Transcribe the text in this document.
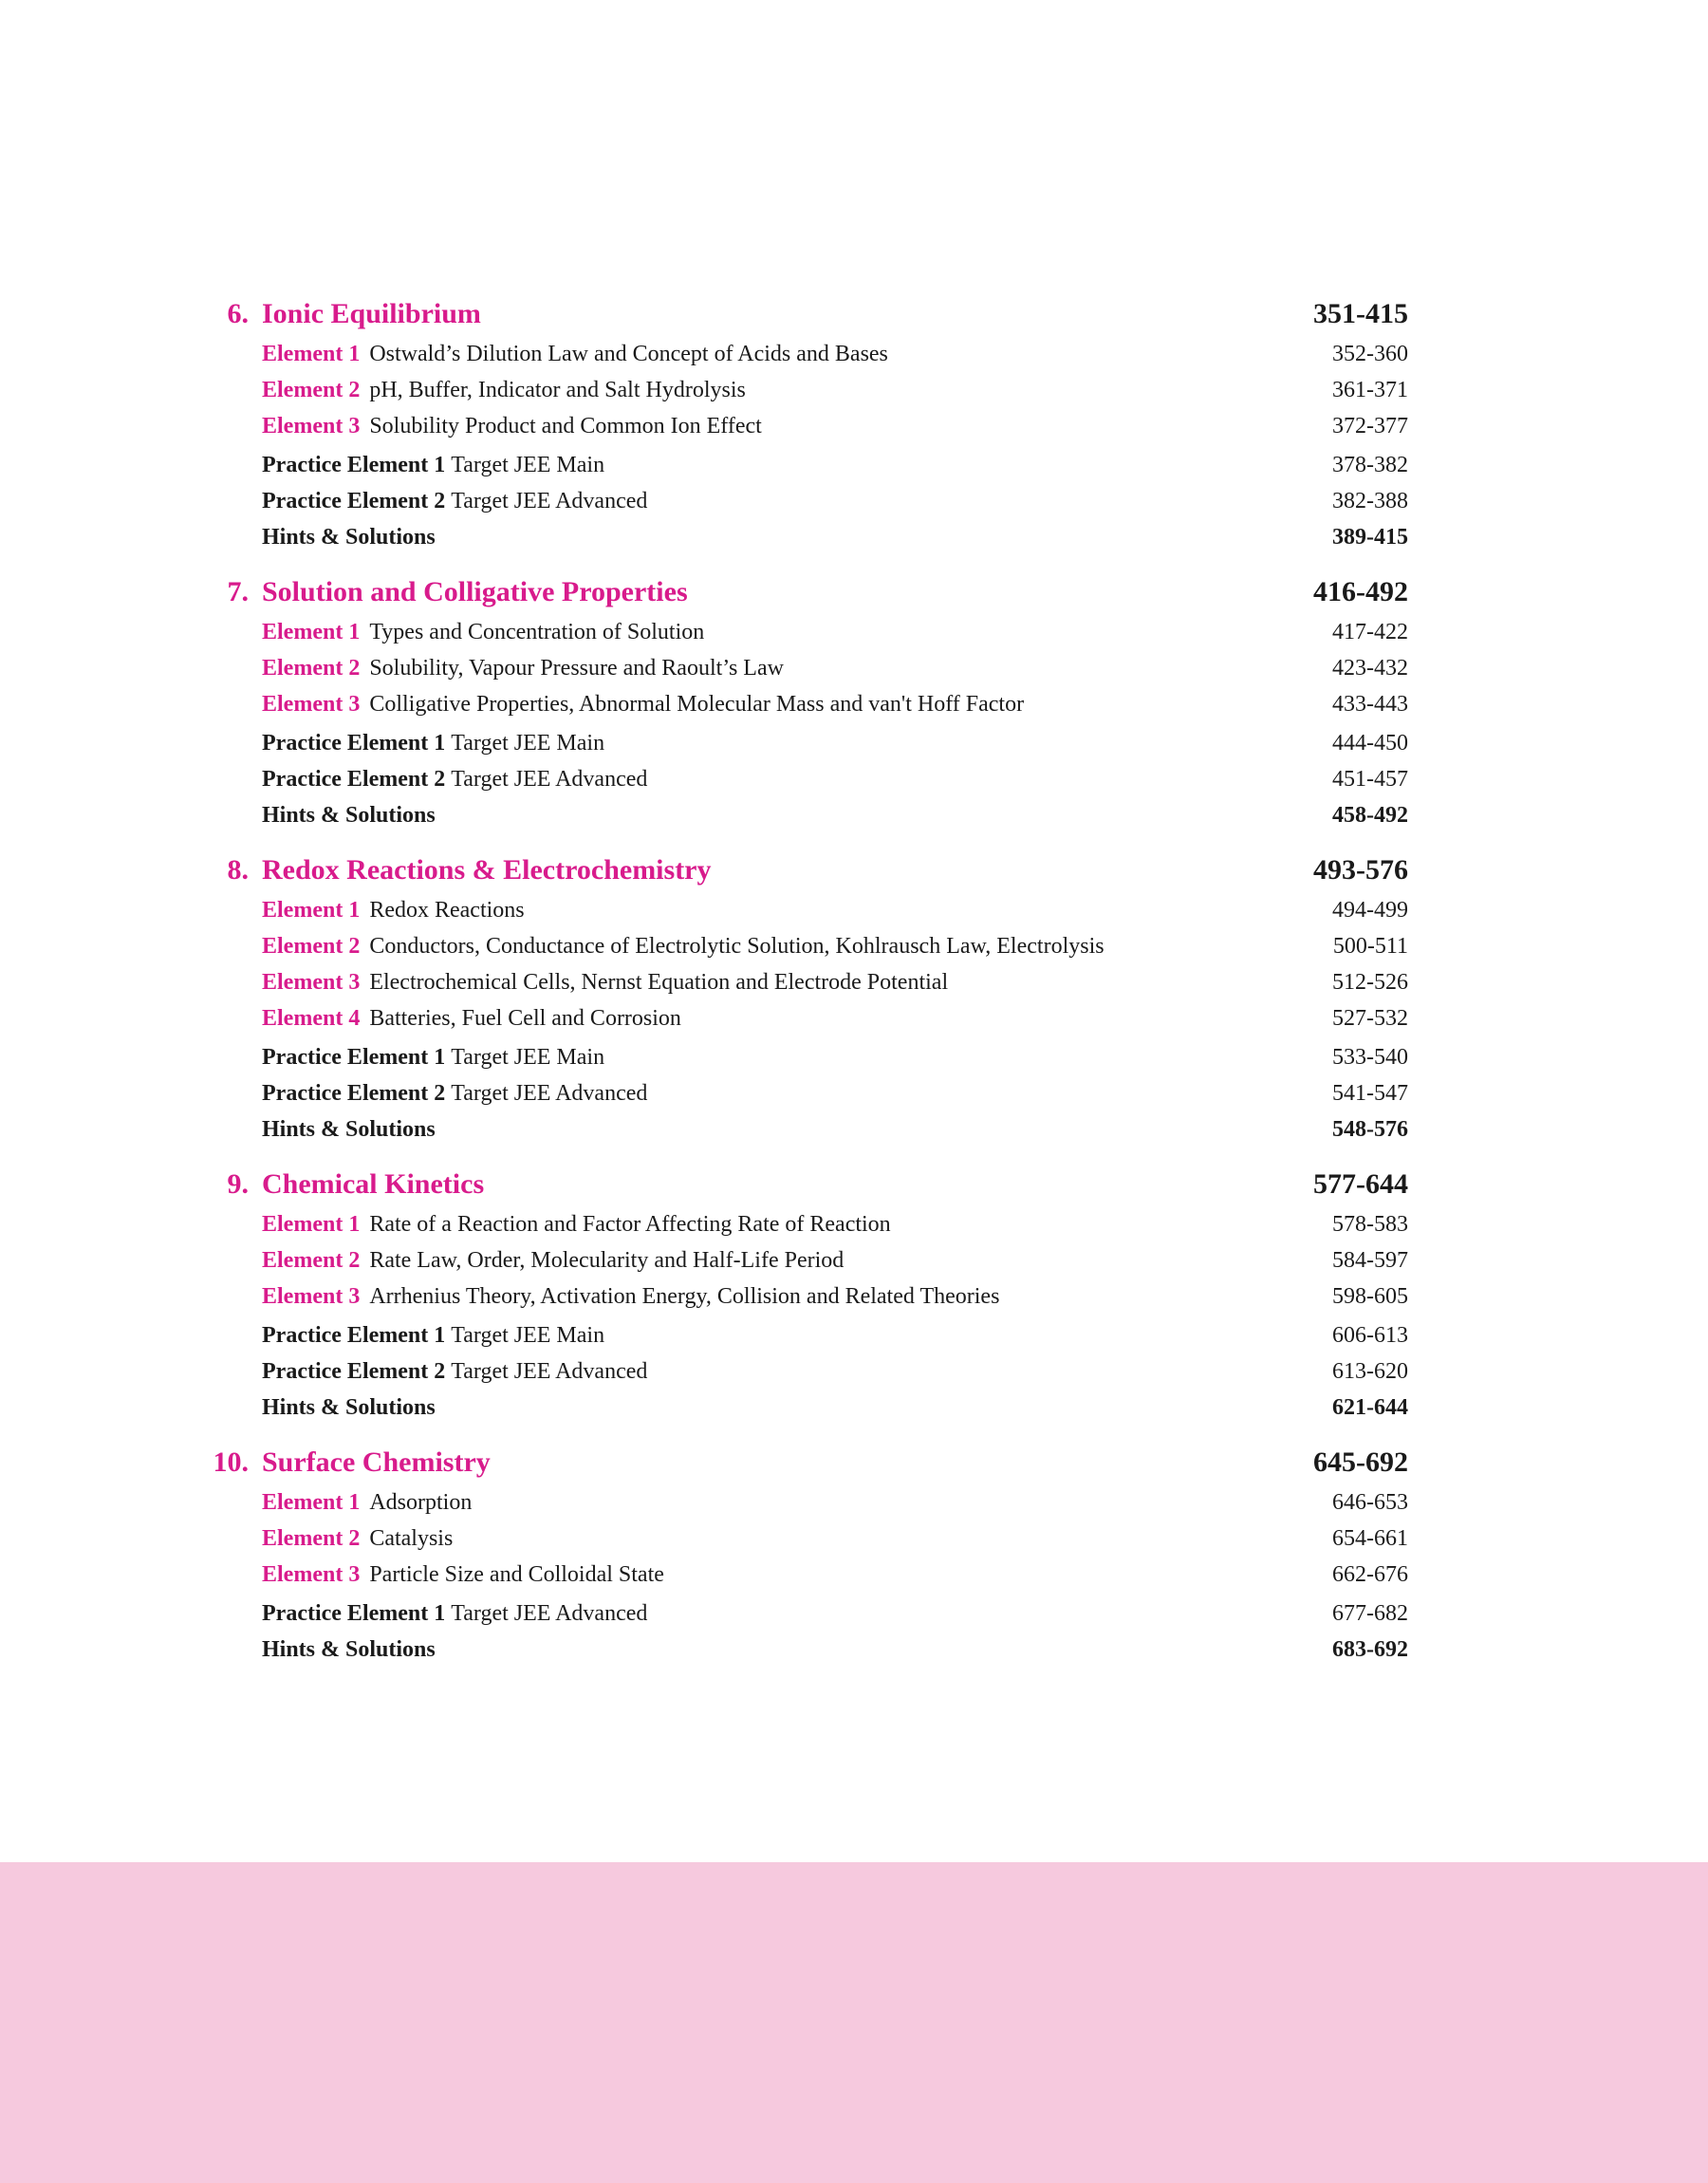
6. Ionic Equilibrium	351-415
Element 1 Ostwald’s Dilution Law and Concept of Acids and Bases	352-360
Element 2 pH, Buffer, Indicator and Salt Hydrolysis	361-371
Element 3 Solubility Product and Common Ion Effect	372-377
Practice Element 1 Target JEE Main	378-382
Practice Element 2 Target JEE Advanced	382-388
Hints & Solutions	389-415
7. Solution and Colligative Properties	416-492
Element 1 Types and Concentration of Solution	417-422
Element 2 Solubility, Vapour Pressure and Raoult’s Law	423-432
Element 3 Colligative Properties, Abnormal Molecular Mass and van't Hoff Factor	433-443
Practice Element 1 Target JEE Main	444-450
Practice Element 2 Target JEE Advanced	451-457
Hints & Solutions	458-492
8. Redox Reactions & Electrochemistry	493-576
Element 1 Redox Reactions	494-499
Element 2 Conductors, Conductance of Electrolytic Solution, Kohlrausch Law, Electrolysis	500-511
Element 3 Electrochemical Cells, Nernst Equation and Electrode Potential	512-526
Element 4 Batteries, Fuel Cell and Corrosion	527-532
Practice Element 1 Target JEE Main	533-540
Practice Element 2 Target JEE Advanced	541-547
Hints & Solutions	548-576
9. Chemical Kinetics	577-644
Element 1 Rate of a Reaction and Factor Affecting Rate of Reaction	578-583
Element 2 Rate Law, Order, Molecularity and Half-Life Period	584-597
Element 3 Arrhenius Theory, Activation Energy, Collision and Related Theories	598-605
Practice Element 1 Target JEE Main	606-613
Practice Element 2 Target JEE Advanced	613-620
Hints & Solutions	621-644
10. Surface Chemistry	645-692
Element 1 Adsorption	646-653
Element 2 Catalysis	654-661
Element 3 Particle Size and Colloidal State	662-676
Practice Element 1 Target JEE Advanced	677-682
Hints & Solutions	683-692
